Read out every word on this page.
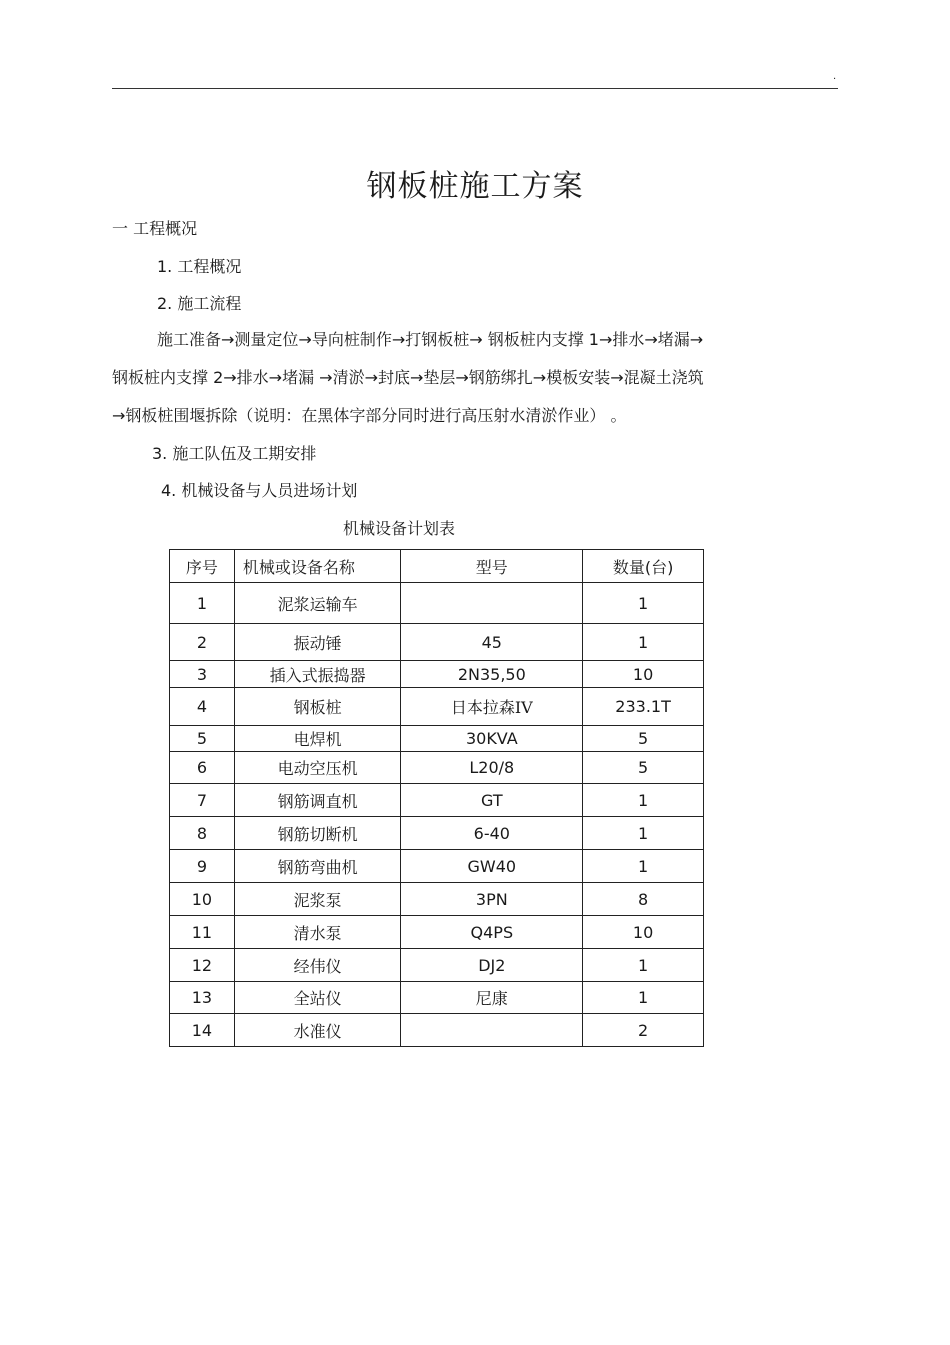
.
钢板桩施工方案
一 工程概况
1. 工程概况
2. 施工流程
施工准备→测量定位→导向桩制作→打钢板桩→ 钢板桩内支撑 1→排水→堵漏→
钢板桩内支撑 2→排水→堵漏 →清淤→封底→垫层→钢筋绑扎→模板安装→混凝土浇筑
→钢板桩围堰拆除（说明：在黑体字部分同时进行高压射水清淤作业） 。
3. 施工队伍及工期安排
4. 机械设备与人员进场计划
机械设备计划表
序号	机械或设备名称	型号	数量(台)
1	泥浆运输车		1
2	振动锤	45	1
3	插入式振捣器	2N35,50	10
4	钢板桩	日本拉森IV	233.1T
5	电焊机	30KVA	5
6	电动空压机	L20/8	5
7	钢筋调直机	GT	1
8	钢筋切断机	6-40	1
9	钢筋弯曲机	GW40	1
10	泥浆泵	3PN	8
11	清水泵	Q4PS	10
12	经伟仪	DJ2	1
13	全站仪	尼康	1
14	水准仪		2
